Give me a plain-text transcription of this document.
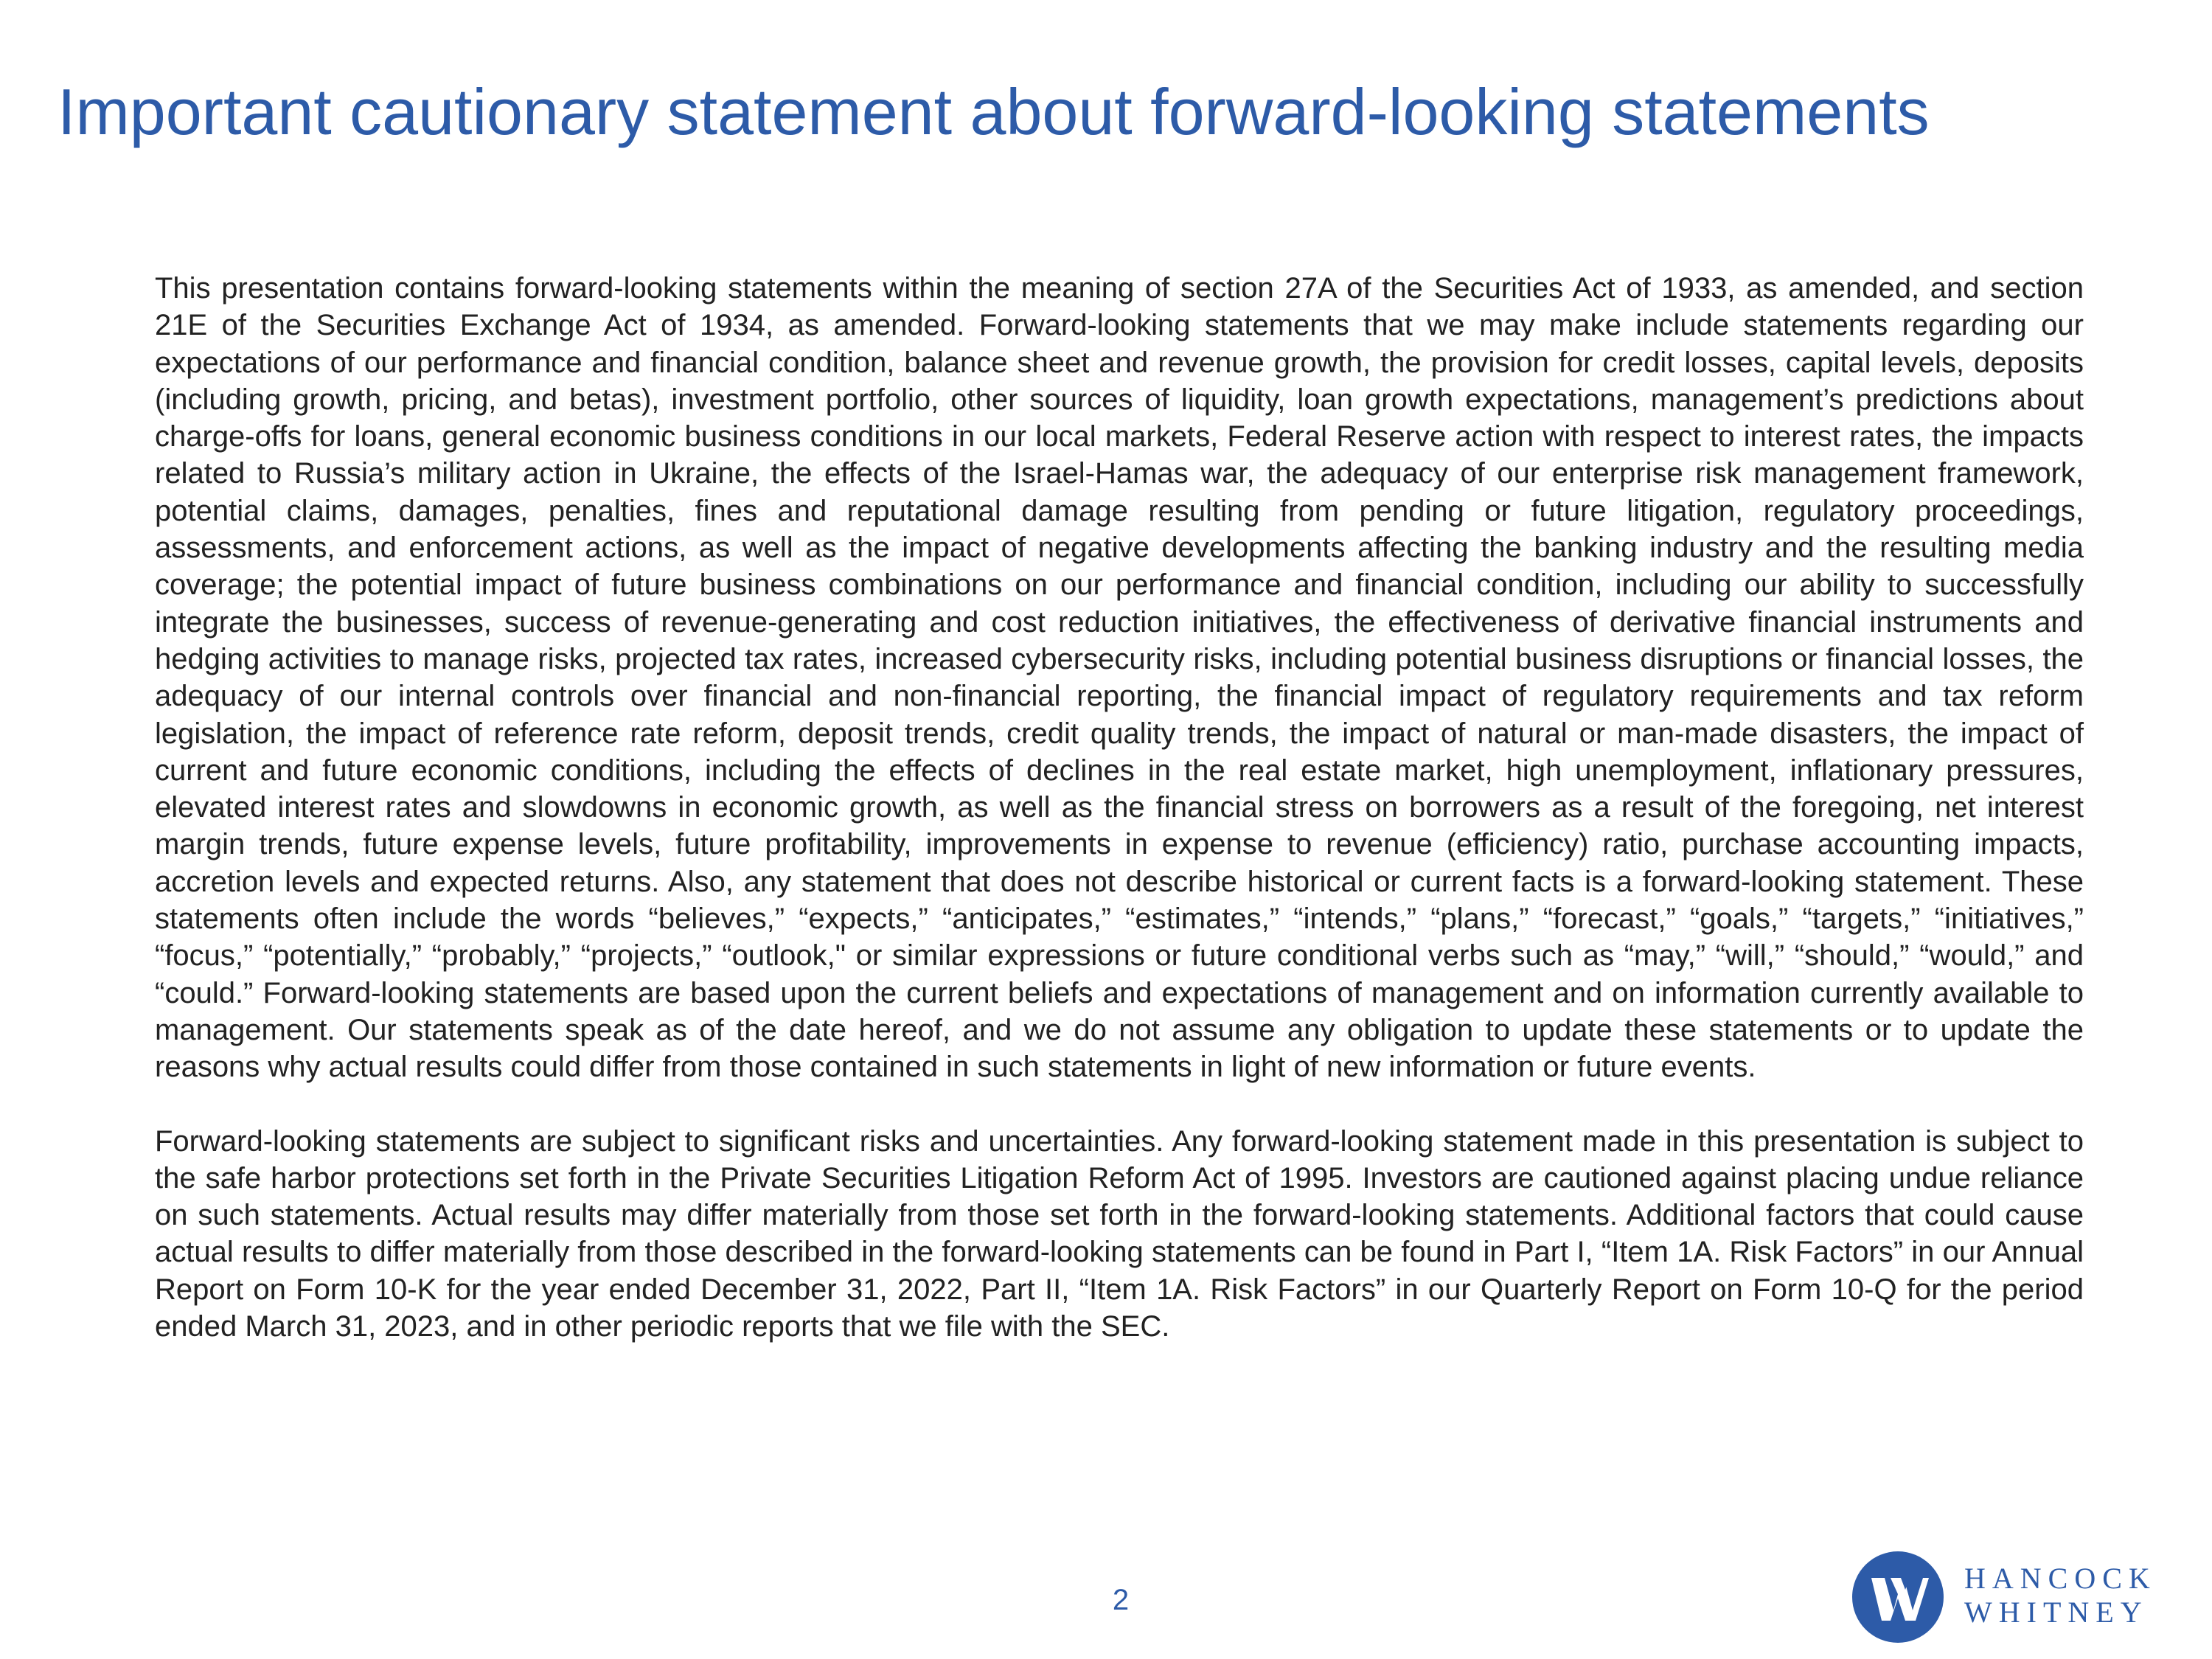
Important cautionary statement about forward-looking statements

This presentation contains forward-looking statements within the meaning of section 27A of the Securities Act of 1933, as amended, and section 21E of the Securities Exchange Act of 1934, as amended. Forward-looking statements that we may make include statements regarding our expectations of our performance and financial condition, balance sheet and revenue growth, the provision for credit losses, capital levels, deposits (including growth, pricing, and betas), investment portfolio, other sources of liquidity, loan growth expectations, management’s predictions about charge-offs for loans, general economic business conditions in our local markets, Federal Reserve action with respect to interest rates, the impacts related to Russia’s military action in Ukraine, the effects of the Israel-Hamas war, the adequacy of our enterprise risk management framework, potential claims, damages, penalties, fines and reputational damage resulting from pending or future litigation, regulatory proceedings, assessments, and enforcement actions, as well as the impact of negative developments affecting the banking industry and the resulting media coverage; the potential impact of future business combinations on our performance and financial condition, including our ability to successfully integrate the businesses, success of revenue-generating and cost reduction initiatives, the effectiveness of derivative financial instruments and hedging activities to manage risks, projected tax rates, increased cybersecurity risks, including potential business disruptions or financial losses, the adequacy of our internal controls over financial and non-financial reporting, the financial impact of regulatory requirements and tax reform legislation, the impact of reference rate reform, deposit trends, credit quality trends, the impact of natural or man-made disasters, the impact of current and future economic conditions, including the effects of declines in the real estate market, high unemployment, inflationary pressures, elevated interest rates and slowdowns in economic growth, as well as the financial stress on borrowers as a result of the foregoing, net interest margin trends, future expense levels, future profitability, improvements in expense to revenue (efficiency) ratio, purchase accounting impacts, accretion levels and expected returns. Also, any statement that does not describe historical or current facts is a forward-looking statement. These statements often include the words “believes,” “expects,” “anticipates,” “estimates,” “intends,” “plans,” “forecast,” “goals,” “targets,” “initiatives,” “focus,” “potentially,” “probably,” “projects,” “outlook," or similar expressions or future conditional verbs such as “may,” “will,” “should,” “would,” and “could.” Forward-looking statements are based upon the current beliefs and expectations of management and on information currently available to management. Our statements speak as of the date hereof, and we do not assume any obligation to update these statements or to update the reasons why actual results could differ from those contained in such statements in light of new information or future events.

Forward-looking statements are subject to significant risks and uncertainties. Any forward-looking statement made in this presentation is subject to the safe harbor protections set forth in the Private Securities Litigation Reform Act of 1995. Investors are cautioned against placing undue reliance on such statements. Actual results may differ materially from those set forth in the forward-looking statements. Additional factors that could cause actual results to differ materially from those described in the forward-looking statements can be found in Part I, “Item 1A. Risk Factors” in our Annual Report on Form 10-K for the year ended December 31, 2022, Part II, “Item 1A. Risk Factors” in our Quarterly Report on Form 10-Q for the period ended March 31, 2023, and in other periodic reports that we file with the SEC.

2
HANCOCK
WHITNEY
